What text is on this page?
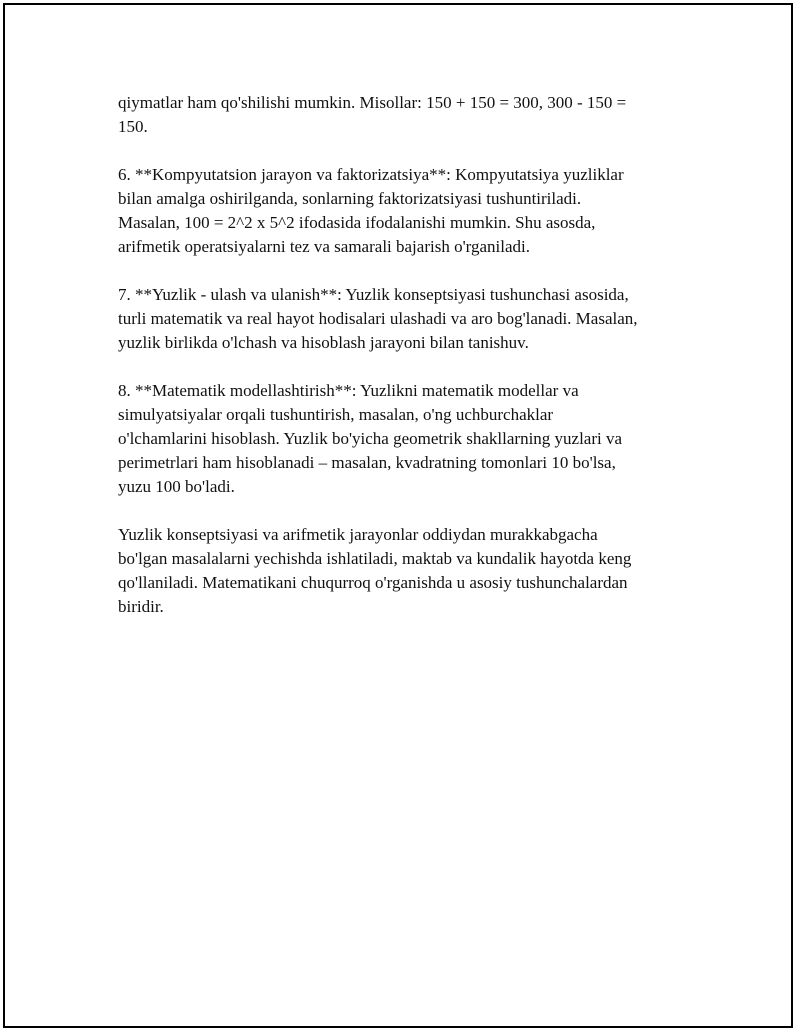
qiymatlar ham qo'shilishi mumkin. Misollar: 150 + 150 = 300, 300 - 150 =
150.

6. **Kompyutatsion jarayon va faktorizatsiya**: Kompyutatsiya yuzliklar
bilan amalga oshirilganda, sonlarning faktorizatsiyasi tushuntiriladi.
Masalan, 100 = 2^2 x 5^2 ifodasida ifodalanishi mumkin. Shu asosda,
arifmetik operatsiyalarni tez va samarali bajarish o'rganiladi.

7. **Yuzlik - ulash va ulanish**: Yuzlik konseptsiyasi tushunchasi asosida,
turli matematik va real hayot hodisalari ulashadi va aro bog'lanadi. Masalan,
yuzlik birlikda o'lchash va hisoblash jarayoni bilan tanishuv.

8. **Matematik modellashtirish**: Yuzlikni matematik modellar va
simulyatsiyalar orqali tushuntirish, masalan, o'ng uchburchaklar
o'lchamlarini hisoblash. Yuzlik bo'yicha geometrik shakllarning yuzlari va
perimetrlari ham hisoblanadi – masalan, kvadratning tomonlari 10 bo'lsa,
yuzu 100 bo'ladi.

Yuzlik konseptsiyasi va arifmetik jarayonlar oddiydan murakkabgacha
bo'lgan masalalarni yechishda ishlatiladi, maktab va kundalik hayotda keng
qo'llaniladi. Matematikani chuqurroq o'rganishda u asosiy tushunchalardan
biridir.
